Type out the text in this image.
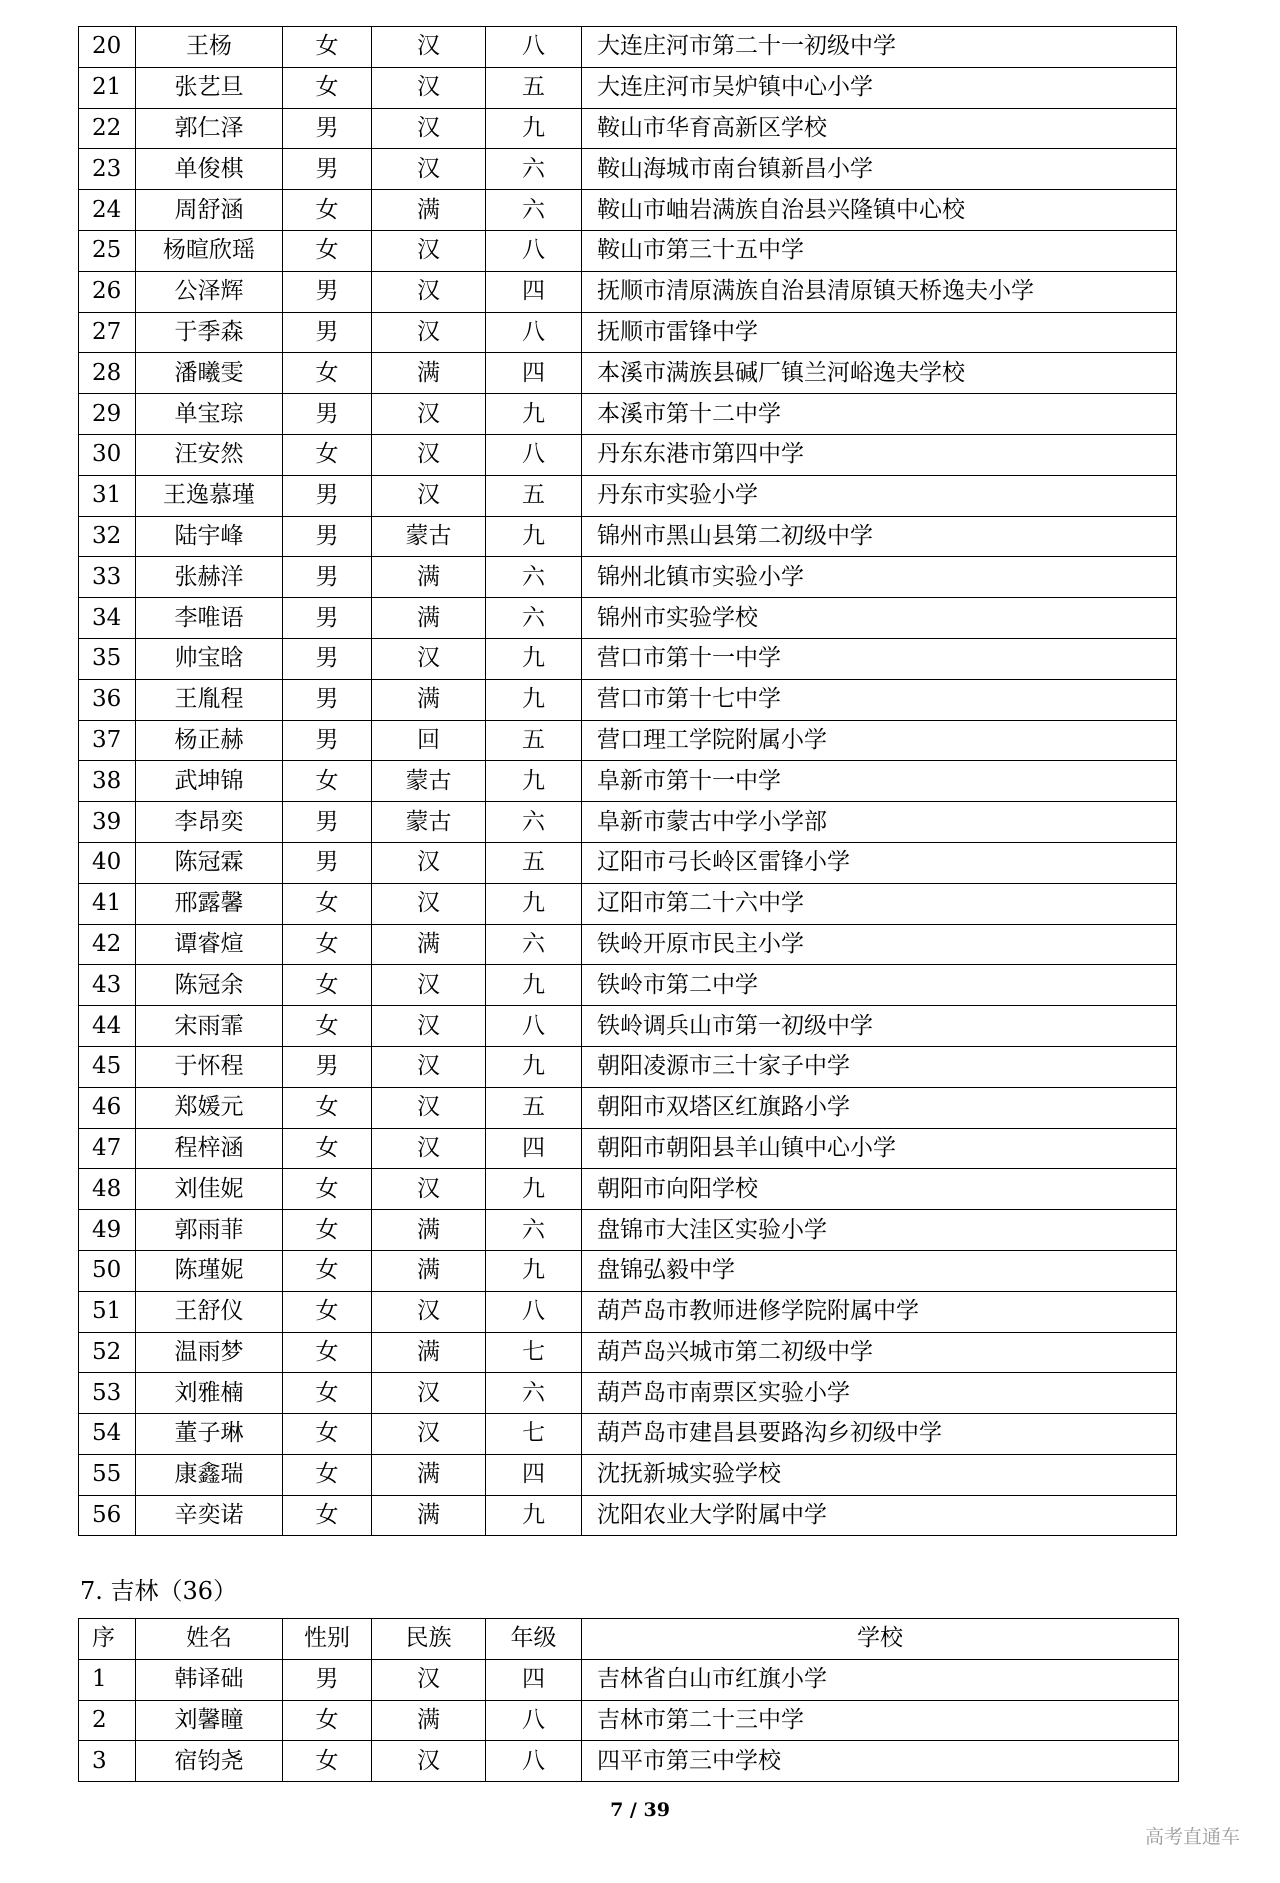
20	王杨	女	汉	八	大连庄河市第二十一初级中学
21	张艺旦	女	汉	五	大连庄河市吴炉镇中心小学
22	郭仁泽	男	汉	九	鞍山市华育高新区学校
23	单俊棋	男	汉	六	鞍山海城市南台镇新昌小学
24	周舒涵	女	满	六	鞍山市岫岩满族自治县兴隆镇中心校
25	杨暄欣瑶	女	汉	八	鞍山市第三十五中学
26	公泽辉	男	汉	四	抚顺市清原满族自治县清原镇天桥逸夫小学
27	于季森	男	汉	八	抚顺市雷锋中学
28	潘曦雯	女	满	四	本溪市满族县碱厂镇兰河峪逸夫学校
29	单宝琮	男	汉	九	本溪市第十二中学
30	汪安然	女	汉	八	丹东东港市第四中学
31	王逸慕瑾	男	汉	五	丹东市实验小学
32	陆宇峰	男	蒙古	九	锦州市黑山县第二初级中学
33	张赫洋	男	满	六	锦州北镇市实验小学
34	李唯语	男	满	六	锦州市实验学校
35	帅宝晗	男	汉	九	营口市第十一中学
36	王胤程	男	满	九	营口市第十七中学
37	杨正赫	男	回	五	营口理工学院附属小学
38	武坤锦	女	蒙古	九	阜新市第十一中学
39	李昂奕	男	蒙古	六	阜新市蒙古中学小学部
40	陈冠霖	男	汉	五	辽阳市弓长岭区雷锋小学
41	邢露馨	女	汉	九	辽阳市第二十六中学
42	谭睿煊	女	满	六	铁岭开原市民主小学
43	陈冠余	女	汉	九	铁岭市第二中学
44	宋雨霏	女	汉	八	铁岭调兵山市第一初级中学
45	于怀程	男	汉	九	朝阳凌源市三十家子中学
46	郑媛元	女	汉	五	朝阳市双塔区红旗路小学
47	程梓涵	女	汉	四	朝阳市朝阳县羊山镇中心小学
48	刘佳妮	女	汉	九	朝阳市向阳学校
49	郭雨菲	女	满	六	盘锦市大洼区实验小学
50	陈瑾妮	女	满	九	盘锦弘毅中学
51	王舒仪	女	汉	八	葫芦岛市教师进修学院附属中学
52	温雨梦	女	满	七	葫芦岛兴城市第二初级中学
53	刘雅楠	女	汉	六	葫芦岛市南票区实验小学
54	董子琳	女	汉	七	葫芦岛市建昌县要路沟乡初级中学
55	康鑫瑞	女	满	四	沈抚新城实验学校
56	辛奕诺	女	满	九	沈阳农业大学附属中学
7. 吉林（36）
序	姓名	性别	民族	年级	学校
1	韩译础	男	汉	四	吉林省白山市红旗小学
2	刘馨瞳	女	满	八	吉林市第二十三中学
3	宿钧尧	女	汉	八	四平市第三中学校
7 / 39
高考直通车
